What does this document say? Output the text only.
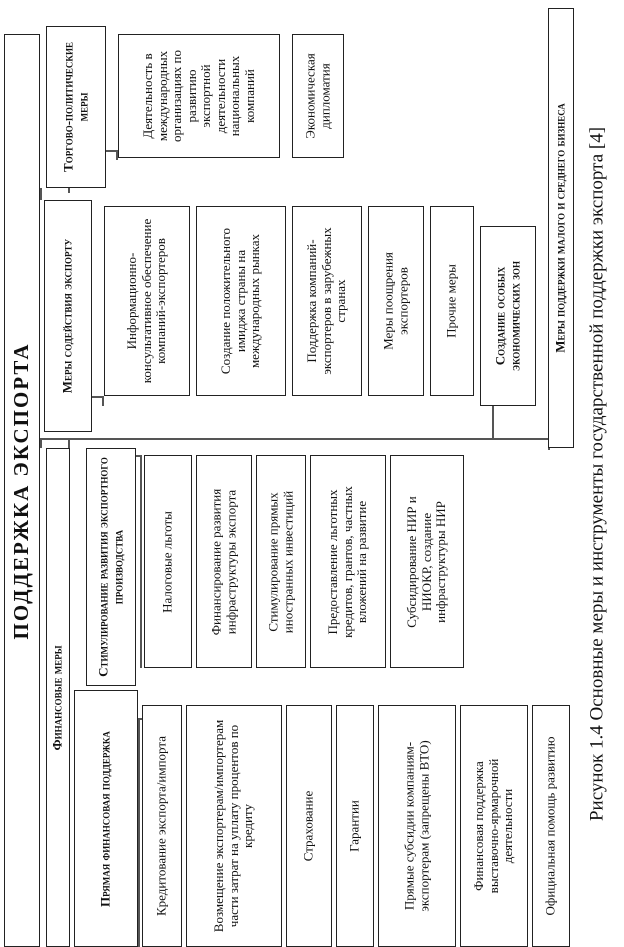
ПОДДЕРЖКА ЭКСПОРТА
Финансовые меры
Прямая финансовая поддержка	Кредитование экспорта/импорта	Возмещение экспортерам/импортерам части затрат на уплату процентов по кредиту	Страхование Гарантии	Прямые субсидии компаниям-экспортерам (запрещены ВТО)	Финансовая поддержка выставочно-ярмарочной деятельности Официальная помощь развитию
Стимулирование развития экспортного производства	Налоговые льготы	Финансирование развития инфраструктуры экспорта Стимулирование прямых иностранных инвестиций Предоставление льготных кредитов, грантов, частных вложений на развитие	Субсидирование НИР и НИОКР, создание инфраструктуры НИР
Меры содействия экспорту	Информационно-консультативное обеспечение компаний-экспортеров	Создание положительного имиджа страны на международных рынках	Поддержка компаний-экспортеров в зарубежных странах Меры поощрения экспортеров	Прочие меры	Создание особых экономических зон
Торгово-политические меры	Деятельность в международных организациях по развитию экспортной деятельности национальных компаний	Экономическая дипломатия
Меры поддержки малого и среднего бизнеса Рисунок 1.4 Основные меры и инструменты государственной поддержки экспорта [4]
